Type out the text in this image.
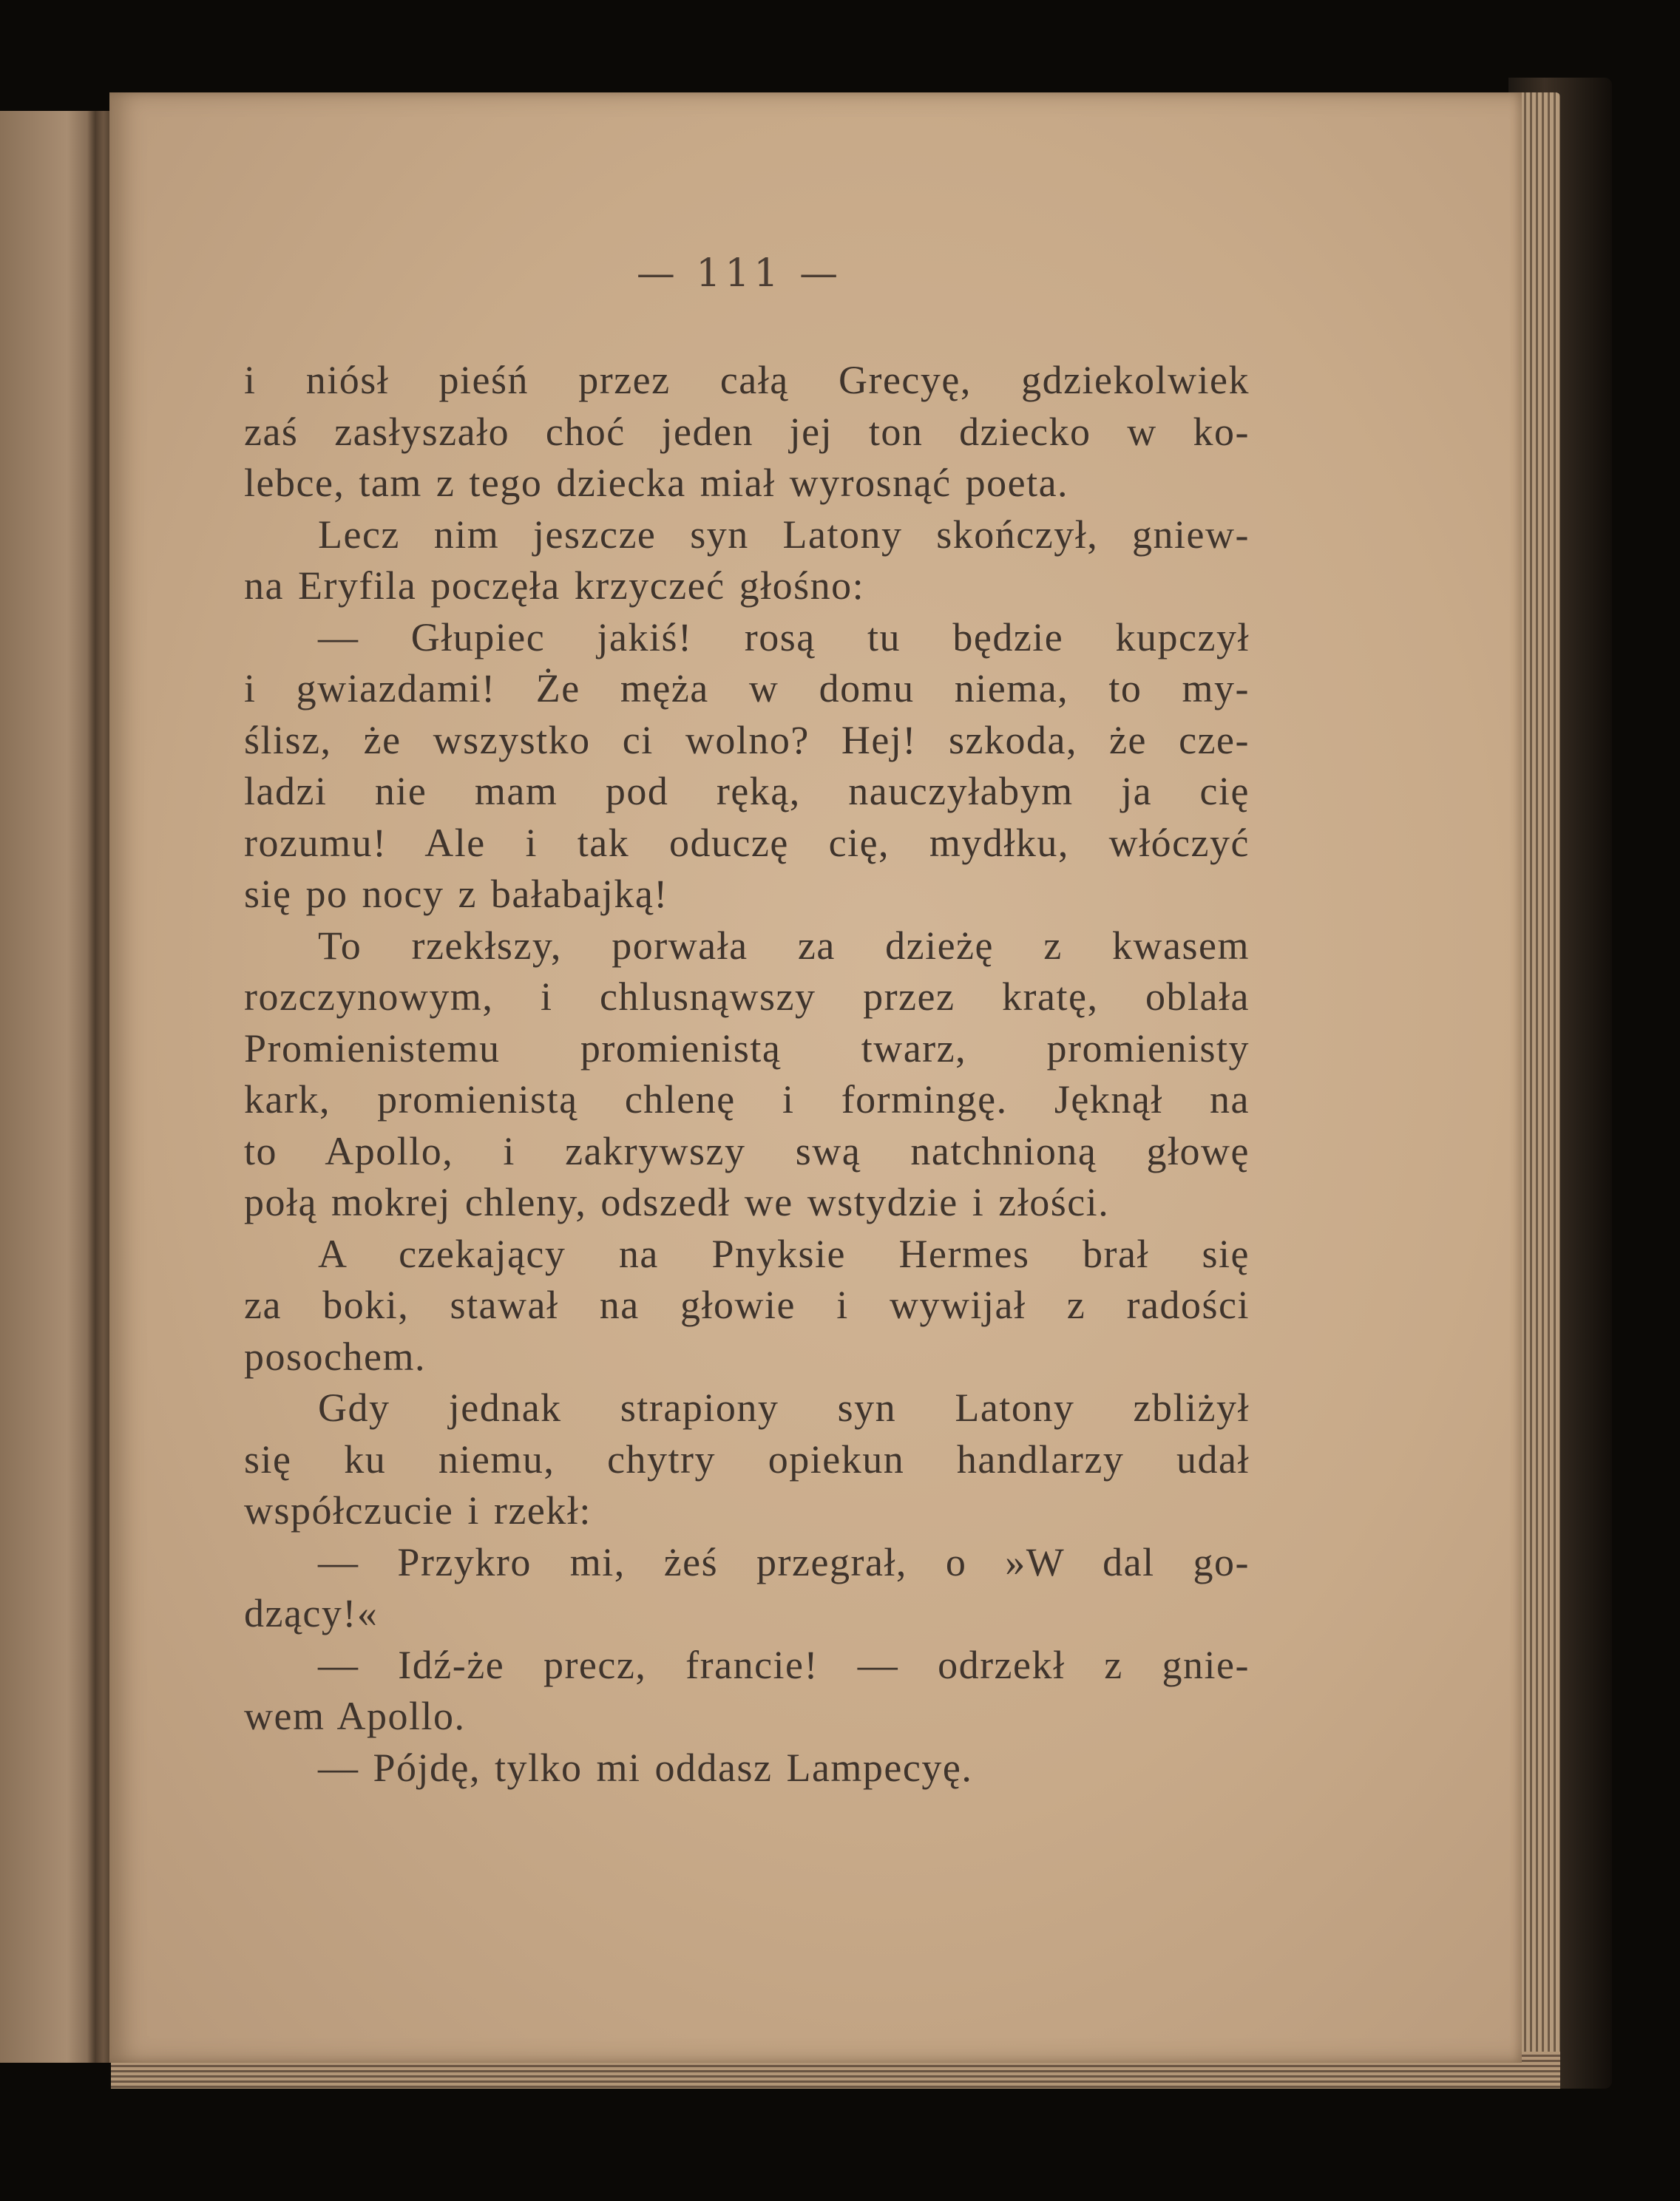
— 111 —
i niósł pieśń przez całą Grecyę, gdziekolwiek
zaś zasłyszało choć jeden jej ton dziecko w ko-
lebce, tam z tego dziecka miał wyrosnąć poeta.
Lecz nim jeszcze syn Latony skończył, gniew-
na Eryfila poczęła krzyczeć głośno:
— Głupiec jakiś! rosą tu będzie kupczył
i gwiazdami! Że męża w domu niema, to my-
ślisz, że wszystko ci wolno? Hej! szkoda, że cze-
ladzi nie mam pod ręką, nauczyłabym ja cię
rozumu! Ale i tak oduczę cię, mydłku, włóczyć
się po nocy z bałabajką!
To rzekłszy, porwała za dzieżę z kwasem
rozczynowym, i chlusnąwszy przez kratę, oblała
Promienistemu promienistą twarz, promienisty
kark, promienistą chlenę i formingę. Jęknął na
to Apollo, i zakrywszy swą natchnioną głowę
połą mokrej chleny, odszedł we wstydzie i złości.
A czekający na Pnyksie Hermes brał się
za boki, stawał na głowie i wywijał z radości
posochem.
Gdy jednak strapiony syn Latony zbliżył
się ku niemu, chytry opiekun handlarzy udał
współczucie i rzekł:
— Przykro mi, żeś przegrał, o »W dal go-
dzący!«
— Idź-że precz, francie! — odrzekł z gnie-
wem Apollo.
— Pójdę, tylko mi oddasz Lampecyę.
